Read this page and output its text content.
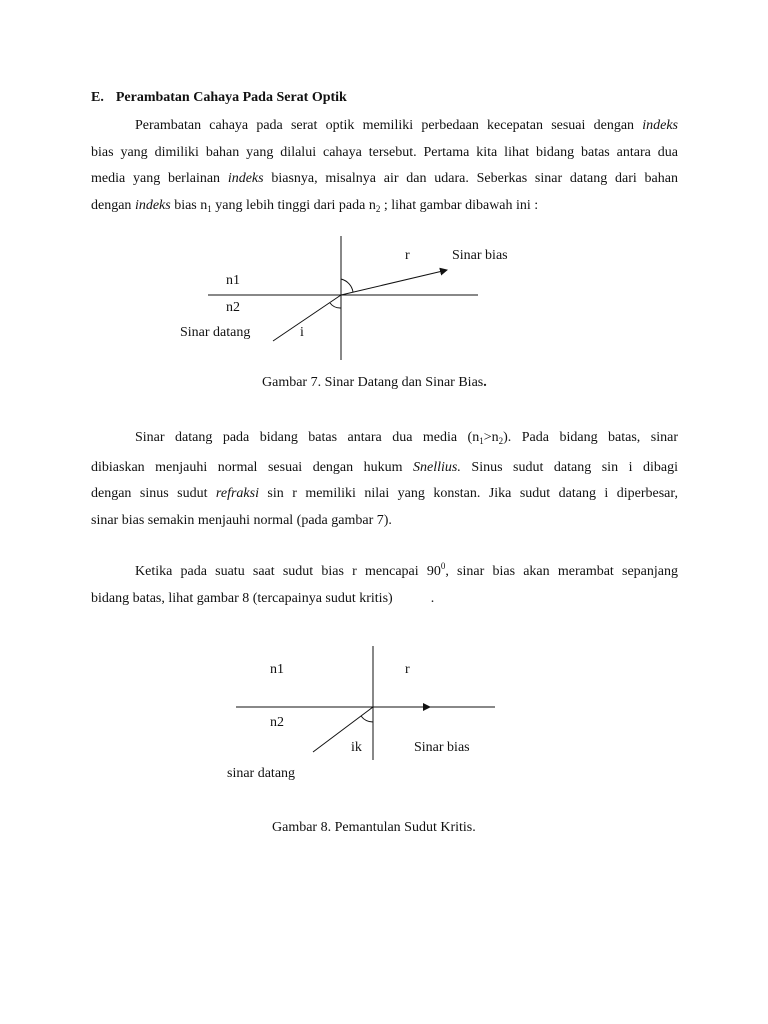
E. Perambatan Cahaya Pada Serat Optik
Perambatan cahaya pada serat optik memiliki perbedaan kecepatan sesuai dengan indeks
bias yang dimiliki bahan yang dilalui cahaya tersebut. Pertama kita lihat bidang batas antara dua
media yang berlainan indeks biasnya, misalnya air dan udara. Seberkas sinar datang dari bahan
dengan indeks bias $n_1$ yang lebih tinggi dari pada $n_2$ ; lihat gambar dibawah ini :
r	Sinar bias
n1
n2
Sinar datang	i
Gambar 7. Sinar Datang dan Sinar Bias.
Sinar datang pada bidang batas antara dua media $(n_1>n_2)$. Pada bidang batas, sinar
dibiaskan menjauhi normal sesuai dengan hukum Snellius. Sinus sudut datang sin i dibagi
dengan sinus sudut refraksi sin r memiliki nilai yang konstan. Jika sudut datang i diperbesar,
sinar bias semakin menjauhi normal (pada gambar 7).
Ketika pada suatu saat sudut bias r mencapai $90^0$, sinar bias akan merambat sepanjang
bidang batas, lihat gambar 8 (tercapainya sudut kritis)	.
n1	r
n2
ik	Sinar bias
sinar datang
Gambar 8. Pemantulan Sudut Kritis.
